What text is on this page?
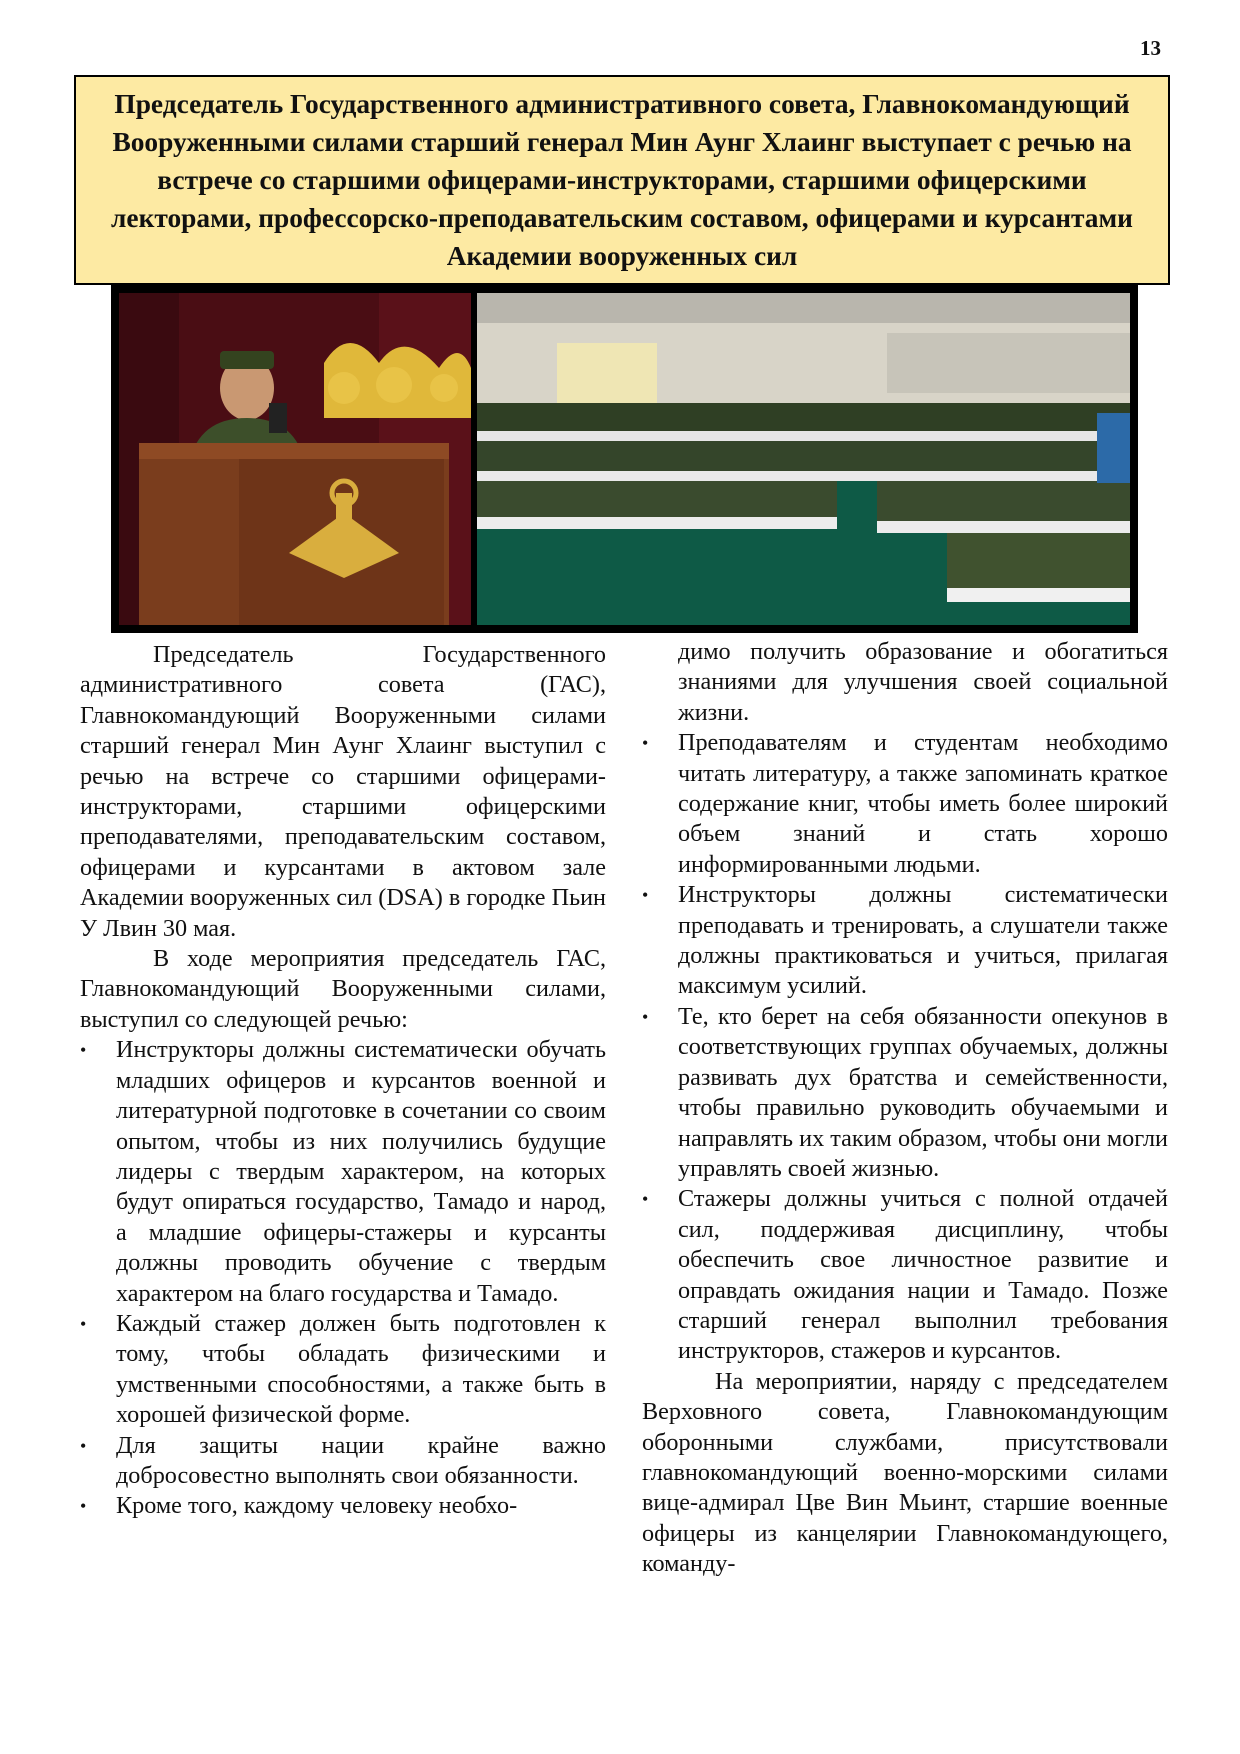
13
Председатель Государственного административного совета, Главнокомандующий Вооруженными силами старший генерал Мин Аунг Хлаинг выступает с речью на встрече со старшими офицерами-инструкторами, старшими офицерскими лекторами, профессорско-преподавательским составом, офицерами и курсантами Академии вооруженных сил

Председатель Государственного административного совета (ГАС), Главнокомандующий Вооруженными силами старший генерал Мин Аунг Хлаинг выступил с речью на встрече со старшими офицерами-инструкторами, старшими офицерскими преподавателями, преподавательским составом, офицерами и курсантами в актовом зале Академии вооруженных сил (DSA) в городке Пьин У Лвин 30 мая.

В ходе мероприятия председатель ГАС, Главнокомандующий Вооруженными силами, выступил со следующей речью:

• Инструкторы должны систематически обучать младших офицеров и курсантов военной и литературной подготовке в сочетании со своим опытом, чтобы из них получились будущие лидеры с твердым характером, на которых будут опираться государство, Тамадо и народ, а младшие офицеры-стажеры и курсанты должны проводить обучение с твердым характером на благо государства и Тамадо.
• Каждый стажер должен быть подготовлен к тому, чтобы обладать физическими и умственными способностями, а также быть в хорошей физической форме.
• Для защиты нации крайне важно добросовестно выполнять свои обязанности.
• Кроме того, каждому человеку необхо-

димо получить образование и обогатиться знаниями для улучшения своей социальной жизни.

• Преподавателям и студентам необходимо читать литературу, а также запоминать краткое содержание книг, чтобы иметь более широкий объем знаний и стать хорошо информированными людьми.
• Инструкторы должны систематически преподавать и тренировать, а слушатели также должны практиковаться и учиться, прилагая максимум усилий.
• Те, кто берет на себя обязанности опекунов в соответствующих группах обучаемых, должны развивать дух братства и семейственности, чтобы правильно руководить обучаемыми и направлять их таким образом, чтобы они могли управлять своей жизнью.
• Стажеры должны учиться с полной отдачей сил, поддерживая дисциплину, чтобы обеспечить свое личностное развитие и оправдать ожидания нации и Тамадо. Позже старший генерал выполнил требования инструкторов, стажеров и курсантов.

На мероприятии, наряду с председателем Верховного совета, Главнокомандующим оборонными службами, присутствовали главнокомандующий военно-морскими силами вице-адмирал Цве Вин Мьинт, старшие военные офицеры из канцелярии Главнокомандующего, команду-
